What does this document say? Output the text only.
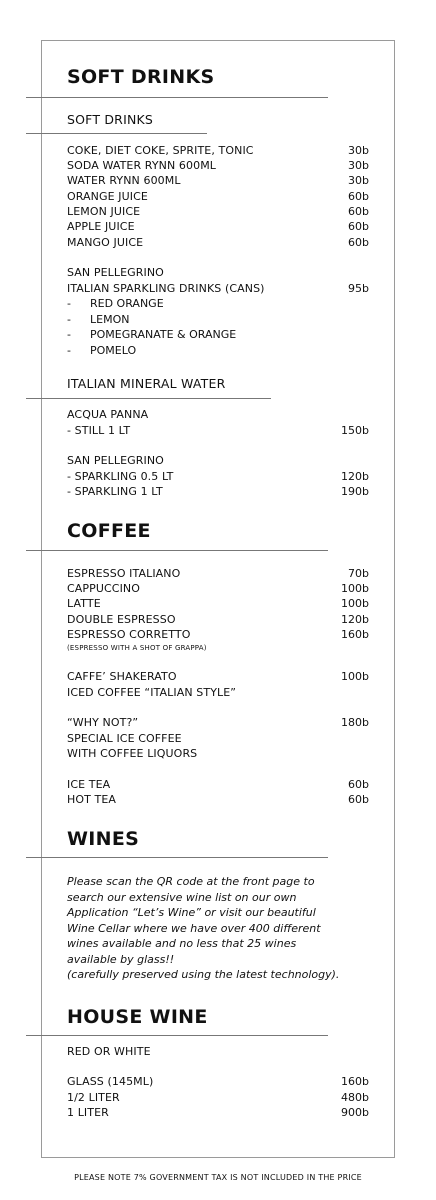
SOFT DRINKS
SOFT DRINKS
COKE, DIET COKE, SPRITE, TONIC	30b
SODA WATER RYNN 600ML	30b
WATER RYNN 600ML	30b
ORANGE JUICE	60b
LEMON JUICE	60b
APPLE JUICE	60b
MANGO JUICE	60b
SAN PELLEGRINO
ITALIAN SPARKLING DRINKS (CANS)	95b
- RED ORANGE
- LEMON
- POMEGRANATE & ORANGE
- POMELO
ITALIAN MINERAL WATER
ACQUA PANNA
- STILL 1 LT	150b
SAN PELLEGRINO
- SPARKLING 0.5 LT	120b
- SPARKLING 1 LT	190b
COFFEE
ESPRESSO ITALIANO	70b
CAPPUCCINO	100b
LATTE	100b
DOUBLE ESPRESSO	120b
ESPRESSO CORRETTO	160b
(ESPRESSO WITH A SHOT OF GRAPPA)
CAFFE’ SHAKERATO	100b
ICED COFFEE “ITALIAN STYLE”
“WHY NOT?”	180b
SPECIAL ICE COFFEE
WITH COFFEE LIQUORS
ICE TEA	60b
HOT TEA	60b
WINES
Please scan the QR code at the front page to
search our extensive wine list on our own
Application “Let’s Wine” or visit our beautiful
Wine Cellar where we have over 400 different
wines available and no less that 25 wines
available by glass!!
(carefully preserved using the latest technology).
HOUSE WINE
RED OR WHITE
GLASS (145ML)	160b
1/2 LITER	480b
1 LITER	900b
PLEASE NOTE 7% GOVERNMENT TAX IS NOT INCLUDED IN THE PRICE
